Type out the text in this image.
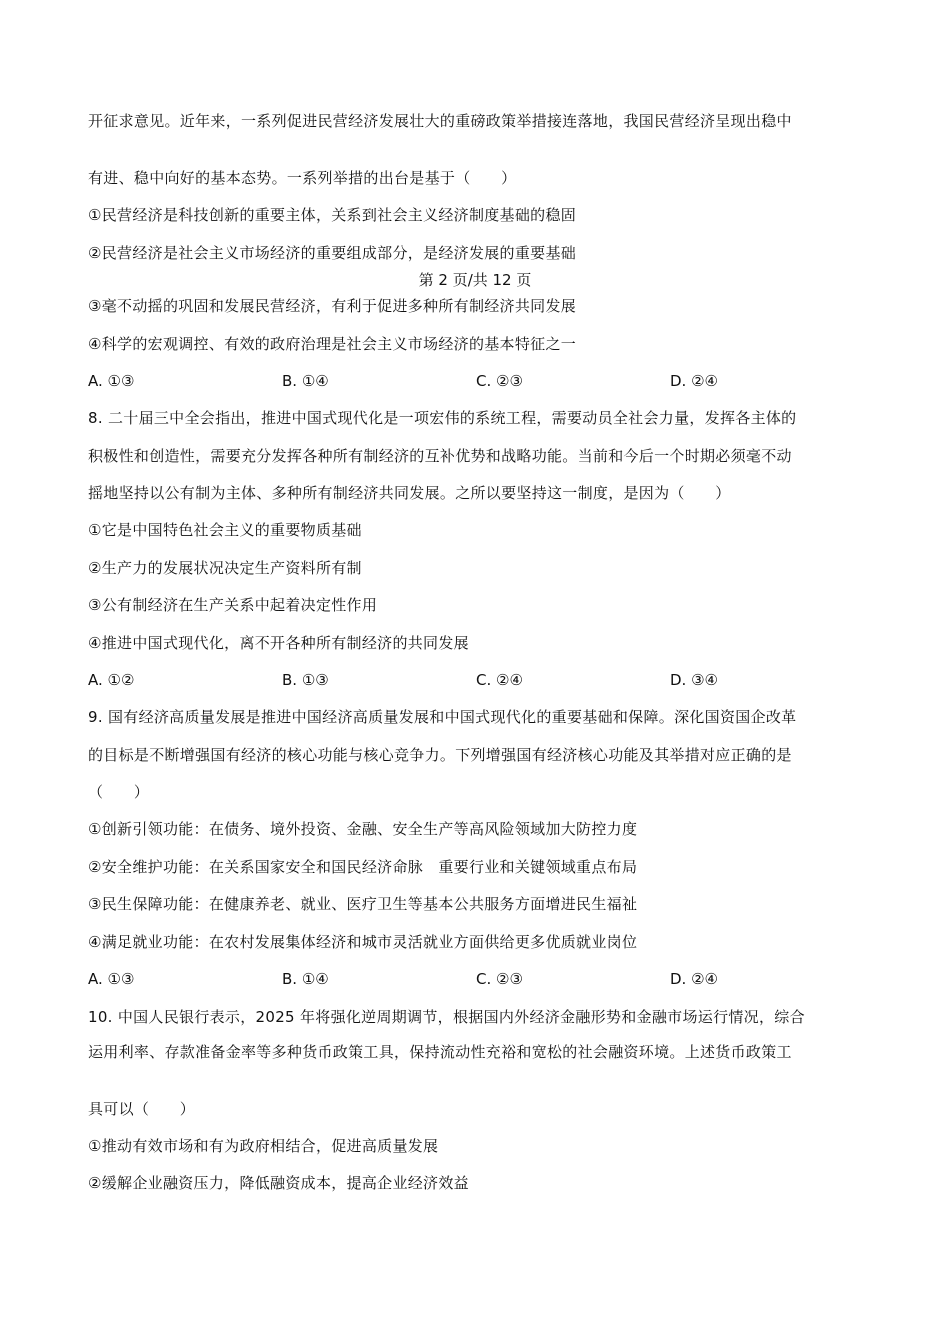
开征求意见。近年来，一系列促进民营经济发展壮大的重磅政策举措接连落地，我国民营经济呈现出稳中
有进、稳中向好的基本态势。一系列举措的出台是基于（　　）
①民营经济是科技创新的重要主体，关系到社会主义经济制度基础的稳固
②民营经济是社会主义市场经济的重要组成部分，是经济发展的重要基础
第 2 页/共 12 页
③毫不动摇的巩固和发展民营经济，有利于促进多种所有制经济共同发展
④科学的宏观调控、有效的政府治理是社会主义市场经济的基本特征之一
A. ①③	B. ①④	C. ②③	D. ②④
8. 二十届三中全会指出，推进中国式现代化是一项宏伟的系统工程，需要动员全社会力量，发挥各主体的
积极性和创造性，需要充分发挥各种所有制经济的互补优势和战略功能。当前和今后一个时期必须毫不动
摇地坚持以公有制为主体、多种所有制经济共同发展。之所以要坚持这一制度，是因为（　　）
①它是中国特色社会主义的重要物质基础
②生产力的发展状况决定生产资料所有制
③公有制经济在生产关系中起着决定性作用
④推进中国式现代化，离不开各种所有制经济的共同发展
A. ①②	B. ①③	C. ②④	D. ③④
9. 国有经济高质量发展是推进中国经济高质量发展和中国式现代化的重要基础和保障。深化国资国企改革
的目标是不断增强国有经济的核心功能与核心竞争力。下列增强国有经济核心功能及其举措对应正确的是
（　　）
①创新引领功能：在债务、境外投资、金融、安全生产等高风险领域加大防控力度
②安全维护功能：在关系国家安全和国民经济命脉　重要行业和关键领域重点布局
③民生保障功能：在健康养老、就业、医疗卫生等基本公共服务方面增进民生福祉
④满足就业功能：在农村发展集体经济和城市灵活就业方面供给更多优质就业岗位
A. ①③	B. ①④	C. ②③	D. ②④
10. 中国人民银行表示，2025 年将强化逆周期调节，根据国内外经济金融形势和金融市场运行情况，综合
运用利率、存款准备金率等多种货币政策工具，保持流动性充裕和宽松的社会融资环境。上述货币政策工
具可以（　　）
①推动有效市场和有为政府相结合，促进高质量发展
②缓解企业融资压力，降低融资成本，提高企业经济效益
